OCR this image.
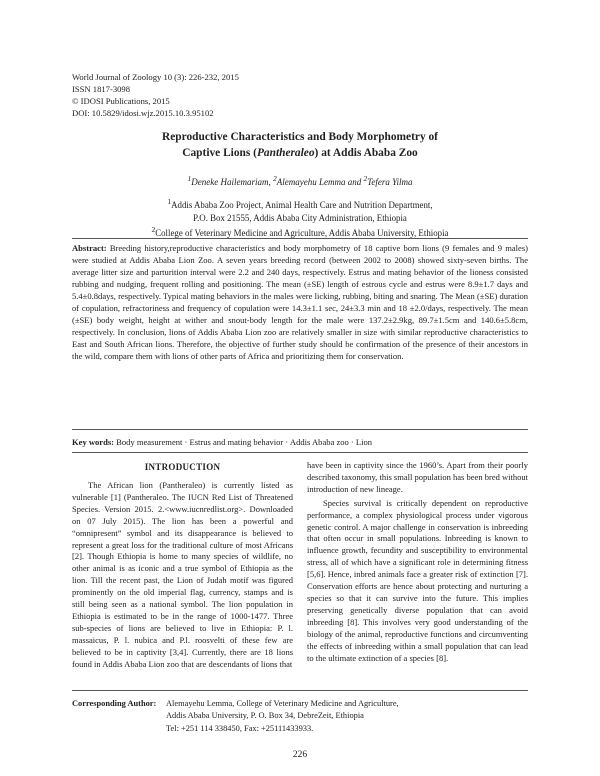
World Journal of Zoology 10 (3): 226-232, 2015
ISSN 1817-3098
© IDOSI Publications, 2015
DOI: 10.5829/idosi.wjz.2015.10.3.95102
Reproductive Characteristics and Body Morphometry of
Captive Lions (Pantheraleo) at Addis Ababa Zoo
$^1$Deneke Hailemariam, $^2$Alemayehu Lemma and $^2$Tefera Yilma
$^1$Addis Ababa Zoo Project, Animal Health Care and Nutrition Department,
P.O. Box 21555, Addis Ababa City Administration, Ethiopia
$^2$College of Veterinary Medicine and Agriculture, Addis Ababa University, Ethiopia
Abstract: Breeding history,reproductive characteristics and body morphometry of 18 captive born lions (9 females and 9 males) were studied at Addis Ababa Lion Zoo. A seven years breeding record (between 2002 to 2008) showed sixty-seven births. The average litter size and parturition interval were 2.2 and 240 days, respectively. Estrus and mating behavior of the lioness consisted rubbing and nudging, frequent rolling and positioning. The mean (±SE) length of estrous cycle and estrus were 8.9±1.7 days and 5.4±0.8days, respectively. Typical mating behaviors in the males were licking, rubbing, biting and snaring. The Mean (±SE) duration of copulation, refractoriness and frequency of copulation were 14.3±1.1 sec, 24±3.3 min and 18 ±2.0/days, respectively. The mean (±SE) body weight, height at wither and snout-body length for the male were 137.2±2.9kg, 89.7±1.5cm and 140.6±5.8cm, respectively. In conclusion, lions of Addis Ababa Lion zoo are relatively smaller in size with similar reproductive characteristics to East and South African lions. Therefore, the objective of further study should be confirmation of the presence of their ancestors in the wild, compare them with lions of other parts of Africa and prioritizing them for conservation.
Key words: Body measurement · Estrus and mating behavior · Addis Ababa zoo · Lion
INTRODUCTION

The African lion (Pantheraleo) is currently listed as vulnerable [1] (Pantheraleo. The IUCN Red List of Threatened Species. Version 2015. 2.<www.iucnredlist.org>. Downloaded on 07 July 2015). The lion has been a powerful and “omnipresent” symbol and its disappearance is believed to represent a great loss for the traditional culture of most Africans [2]. Though Ethiopia is home to many species of wildlife, no other animal is as iconic and a true symbol of Ethiopia as the lion. Till the recent past, the Lion of Judah motif was figured prominently on the old imperial flag, currency, stamps and is still being seen as a national symbol. The lion population in Ethiopia is estimated to be in the range of 1000-1477. Three sub-species of lions are believed to live in Ethiopia: P. l. massaicus, P. l. nubica and P.l. roosvelti of these few are believed to be in captivity [3,4]. Currently, there are 18 lions found in Addis Ababa Lion zoo that are descendants of lions that

have been in captivity since the 1960’s. Apart from their poorly described taxonomy, this small population has been bred without introduction of new lineage.

Species survival is critically dependent on reproductive performance, a complex physiological process under vigorous genetic control. A major challenge in conservation is inbreeding that often occur in small populations. Inbreeding is known to influence growth, fecundity and susceptibility to environmental stress, all of which have a significant role in determining fitness [5,6]. Hence, inbred animals face a greater risk of extinction [7]. Conservation efforts are hence about protecting and nurturing a species so that it can survive into the future. This implies preserving genetically diverse population that can avoid inbreeding [8]. This involves very good understanding of the biology of the animal, reproductive functions and circumventing the effects of inbreeding within a small population that can lead to the ultimate extinction of a species [8].

Corresponding Author: Alemayehu Lemma, College of Veterinary Medicine and Agriculture,
Addis Ababa University, P. O. Box 34, DebreZeit, Ethiopia
Tel: +251 114 338450, Fax: +25111433933.
226
